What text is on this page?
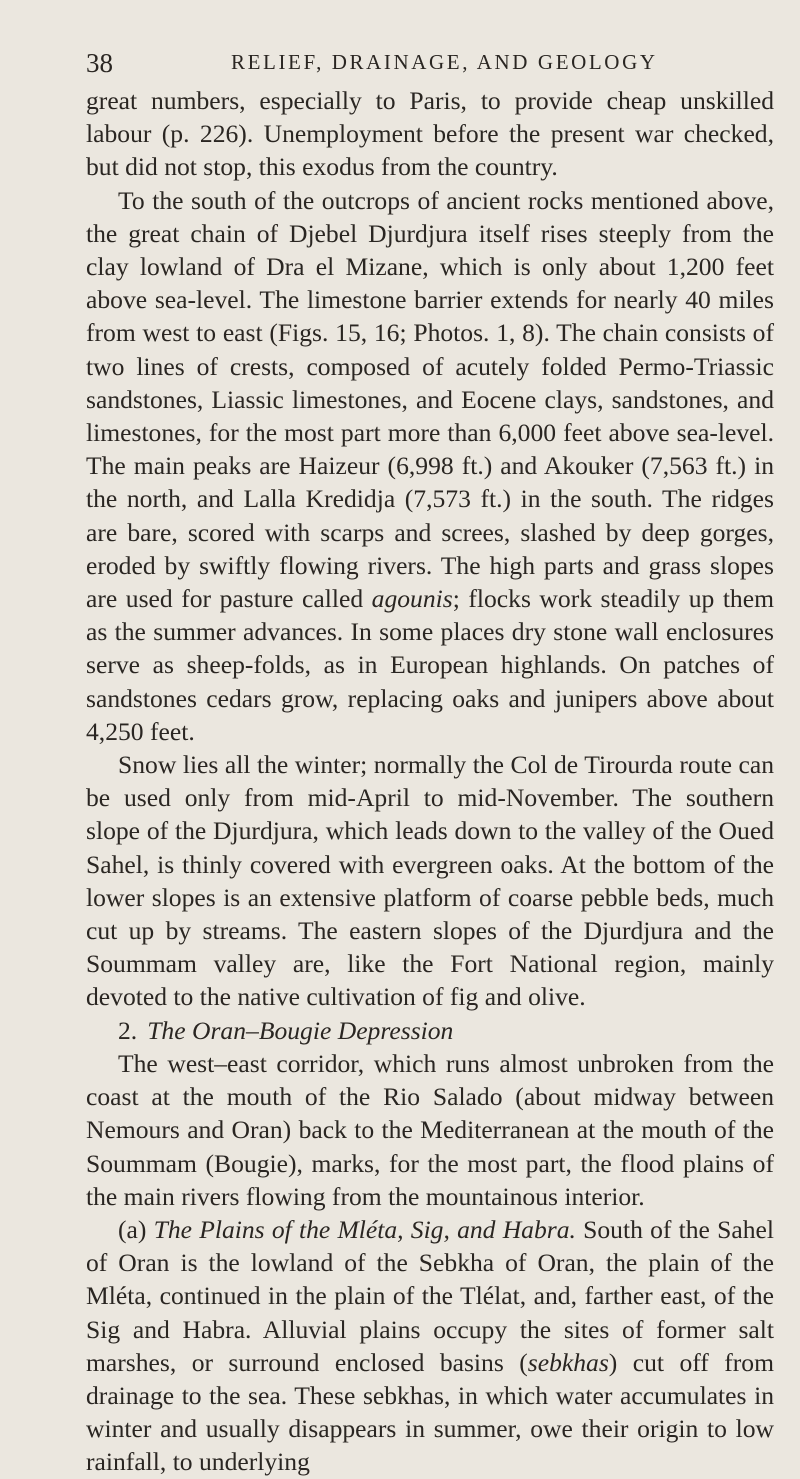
38	RELIEF, DRAINAGE, AND GEOLOGY

great numbers, especially to Paris, to provide cheap unskilled labour (p. 226). Unemployment before the present war checked, but did not stop, this exodus from the country.

To the south of the outcrops of ancient rocks mentioned above, the great chain of Djebel Djurdjura itself rises steeply from the clay lowland of Dra el Mizane, which is only about 1,200 feet above sea-level. The limestone barrier extends for nearly 40 miles from west to east (Figs. 15, 16; Photos. 1, 8). The chain consists of two lines of crests, composed of acutely folded Permo-Triassic sandstones, Liassic limestones, and Eocene clays, sandstones, and limestones, for the most part more than 6,000 feet above sea-level. The main peaks are Haizeur (6,998 ft.) and Akouker (7,563 ft.) in the north, and Lalla Kredidja (7,573 ft.) in the south. The ridges are bare, scored with scarps and screes, slashed by deep gorges, eroded by swiftly flowing rivers. The high parts and grass slopes are used for pasture called agounis; flocks work steadily up them as the summer advances. In some places dry stone wall enclosures serve as sheep-folds, as in European highlands. On patches of sandstones cedars grow, replacing oaks and junipers above about 4,250 feet.

Snow lies all the winter; normally the Col de Tirourda route can be used only from mid-April to mid-November. The southern slope of the Djurdjura, which leads down to the valley of the Oued Sahel, is thinly covered with evergreen oaks. At the bottom of the lower slopes is an extensive platform of coarse pebble beds, much cut up by streams. The eastern slopes of the Djurdjura and the Soummam valley are, like the Fort National region, mainly devoted to the native cultivation of fig and olive.

2. The Oran–Bougie Depression

The west–east corridor, which runs almost unbroken from the coast at the mouth of the Rio Salado (about midway between Nemours and Oran) back to the Mediterranean at the mouth of the Soummam (Bougie), marks, for the most part, the flood plains of the main rivers flowing from the mountainous interior.

(a) The Plains of the Mléta, Sig, and Habra. South of the Sahel of Oran is the lowland of the Sebkha of Oran, the plain of the Mléta, continued in the plain of the Tlélat, and, farther east, of the Sig and Habra. Alluvial plains occupy the sites of former salt marshes, or surround enclosed basins (sebkhas) cut off from drainage to the sea. These sebkhas, in which water accumulates in winter and usually disappears in summer, owe their origin to low rainfall, to underlying
